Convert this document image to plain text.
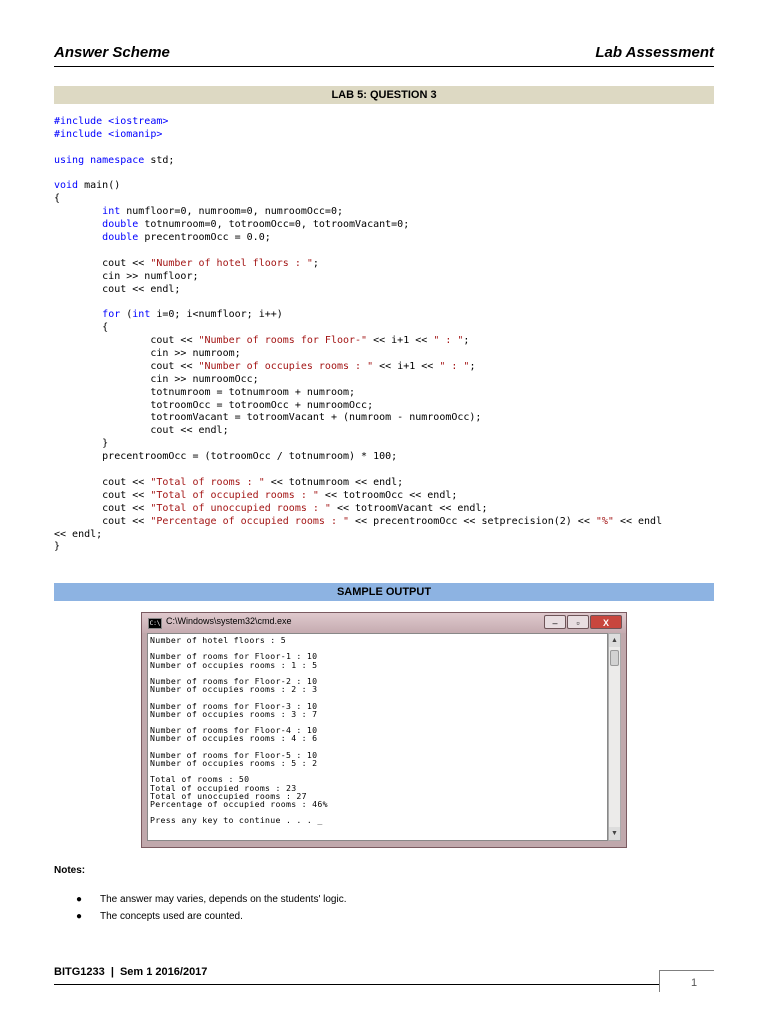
Answer Scheme	Lab Assessment
LAB 5: QUESTION 3
#include <iostream>
#include <iomanip>
using namespace std;
void main()
{
int numfloor=0, numroom=0, numroomOcc=0;
double totnumroom=0, totroomOcc=0, totroomVacant=0;
double precentroomOcc = 0.0;
cout << "Number of hotel floors : ";
cin >> numfloor;
cout << endl;
for (int i=0; i<numfloor; i++)
{
cout << "Number of rooms for Floor-" << i+1 << " : ";
cin >> numroom;
cout << "Number of occupies rooms : " << i+1 << " : ";
cin >> numroomOcc;
totnumroom = totnumroom + numroom;
totroomOcc = totroomOcc + numroomOcc;
totroomVacant = totroomVacant + (numroom - numroomOcc);
cout << endl;
}
precentroomOcc = (totroomOcc / totnumroom) * 100;
cout << "Total of rooms : " << totnumroom << endl;
cout << "Total of occupied rooms : " << totroomOcc << endl;
cout << "Total of unoccupied rooms : " << totroomVacant << endl;
cout << "Percentage of occupied rooms : " << precentroomOcc << setprecision(2) << "%" << endl
<< endl;
}
SAMPLE OUTPUT
C:\ C:\Windows\system32\cmd.exe	–	▫	X
Number of hotel floors : 5

Number of rooms for Floor-1 : 10
Number of occupies rooms : 1 : 5

Number of rooms for Floor-2 : 10
Number of occupies rooms : 2 : 3

Number of rooms for Floor-3 : 10
Number of occupies rooms : 3 : 7

Number of rooms for Floor-4 : 10
Number of occupies rooms : 4 : 6

Number of rooms for Floor-5 : 10
Number of occupies rooms : 5 : 2

Total of rooms : 50
Total of occupied rooms : 23
Total of unoccupied rooms : 27
Percentage of occupied rooms : 46%

Press any key to continue . . . _
▲
▼
Notes:
● The answer may varies, depends on the students' logic.
● The concepts used are counted.
BITG1233 | Sem 1 2016/2017
1
